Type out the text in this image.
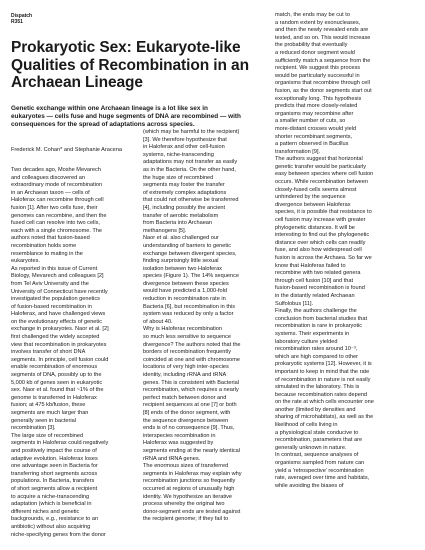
Dispatch
R351
Prokaryotic Sex: Eukaryote-like
Qualities of Recombination in an
Archaean Lineage
Genetic exchange within one Archaean lineage is a lot like sex in
eukaryotes — cells fuse and huge segments of DNA are recombined — with
consequences for the spread of adaptations across species.
Frederick M. Cohan* and Stephanie Aracena

Two decades ago, Moshe Mevarech
and colleagues discovered an
extraordinary mode of recombination
in an Archaean taxon — cells of
Haloferax can recombine through cell
fusion [1]. After two cells fuse, their
genomes can recombine, and then the
fused cell can resolve into two cells,
each with a single chromosome. The
authors noted that fusion-based
recombination holds some
resemblance to mating in the
eukaryotes.

As reported in this issue of Current
Biology, Mevarech and colleagues [2]
from Tel Aviv University and the
University of Connecticut have recently
investigated the population genetics
of fusion-based recombination in
Haloferax, and have challenged views
on the evolutionary effects of genetic
exchange in prokaryotes. Naor et al. [2]
first challenged the widely accepted
view that recombination in prokaryotes
involves transfer of short DNA
segments. In principle, cell fusion could
enable recombination of enormous
segments of DNA, possibly up to the
5,000 kb of genes seen in eukaryotic
sex. Naor et al. found that ~1% of the
genome is transferred in Haloferax
fusion; at 475 kb/fusion, these
segments are much larger than
generally seen in bacterial
recombination [3].

The large size of recombined
segments in Haloferax could negatively
and positively impact the course of
adaptive evolution. Haloferax loses
one advantage seen in Bacteria for
transferring short segments across
populations. In Bacteria, transfers
of short segments allow a recipient
to acquire a niche-transcending
adaptation (which is beneficial in
different niches and genetic
backgrounds, e.g., resistance to an
antibiotic) without also acquiring
niche-specifying genes from the donor

(which may be harmful to the recipient)
[3]. We therefore hypothesize that
in Haloferax and other cell-fusion
systems, niche-transcending
adaptations may not transfer as easily
as in the Bacteria. On the other hand,
the huge size of recombined
segments may foster the transfer
of extremely complex adaptations
that could not otherwise be transferred
[4], including possibly the ancient
transfer of aerobic metabolism
from Bacteria into Archaean
methanogens [5].

Naor et al. also challenged our
understanding of barriers to genetic
exchange between divergent species,
finding surprisingly little sexual
isolation between two Haloferax
species (Figure 1). The 14% sequence
divergence between these species
would have predicted a 1,000-fold
reduction in recombination rate in
Bacteria [6], but recombination in this
system was reduced by only a factor
of about 40.

Why is Haloferax recombination
so much less sensitive to sequence
divergence? The authors noted that the
borders of recombination frequently
coincided at one and with chromosome
locations of very high inter-species
identity, including rRNA and tRNA
genes. This is consistent with Bacterial
recombination, which requires a nearly
perfect match between donor and
recipient sequences at one [7] or both
[8] ends of the donor segment, with
the sequence divergence between
ends is of no consequence [9]. Thus,
interspecies recombination in
Haloferax was suggested by
segments ending at the nearly identical
rRNA and tRNA genes.

The enormous sizes of transferred
segments in Haloferax may explain why
recombination junctions so frequently
occurred at regions of unusually high
identity. We hypothesize an iterative
process whereby the original two
donor-segment ends are tested against
the recipient genome; if they fail to

match, the ends may be cut to
a random extent by exonucleases,
and then the newly revealed ends are
tested, and so on. This would increase
the probability that eventually
a reduced donor segment would
sufficiently match a sequence from the
recipient. We suggest this process
would be particularly successful in
organisms that recombine through cell
fusion, as the donor segments start out
exceptionally long. This hypothesis
predicts that more closely-related
organisms may recombine after
a smaller number of cuts, so
more-distant crosses would yield
shorter recombinant segments,
a pattern observed in Bacillus
transformation [9].

The authors suggest that horizontal
genetic transfer would be particularly
easy between species where cell fusion
occurs. While recombination between
closely-fused cells seems almost
unhindered by the sequence
divergence between Haloferax
species, it is possible that resistance to
cell fusion may increase with greater
phylogenetic distances. It will be
interesting to find out the phylogenetic
distance over which cells can readily
fuse, and also how widespread cell
fusion is across the Archaea. So far we
know that Haloferax failed to
recombine with two related genera
through cell fusion [10] and that
fusion-based recombination is found
in the distantly related Archaean
Sulfolobus [11].

Finally, the authors challenge the
conclusion from bacterial studies that
recombination is rare in prokaryotic
systems. Their experiments in
laboratory culture yielded
recombination rates around 10⁻³,
which are high compared to other
prokaryotic systems [12]. However, it is
important to keep in mind that the rate
of recombination in nature is not easily
simulated in the laboratory. This is
because recombination rates depend
on the rate at which cells encounter one
another (limited by densities and
sharing of microhabitats), as well as the
likelihood of cells living in
a physiological state conducive to
recombination, parameters that are
generally unknown in nature.

In contrast, sequence analyses of
organisms sampled from nature can
yield a 'retrospective' recombination
rate, averaged over time and habitats,
while avoiding the biases of
